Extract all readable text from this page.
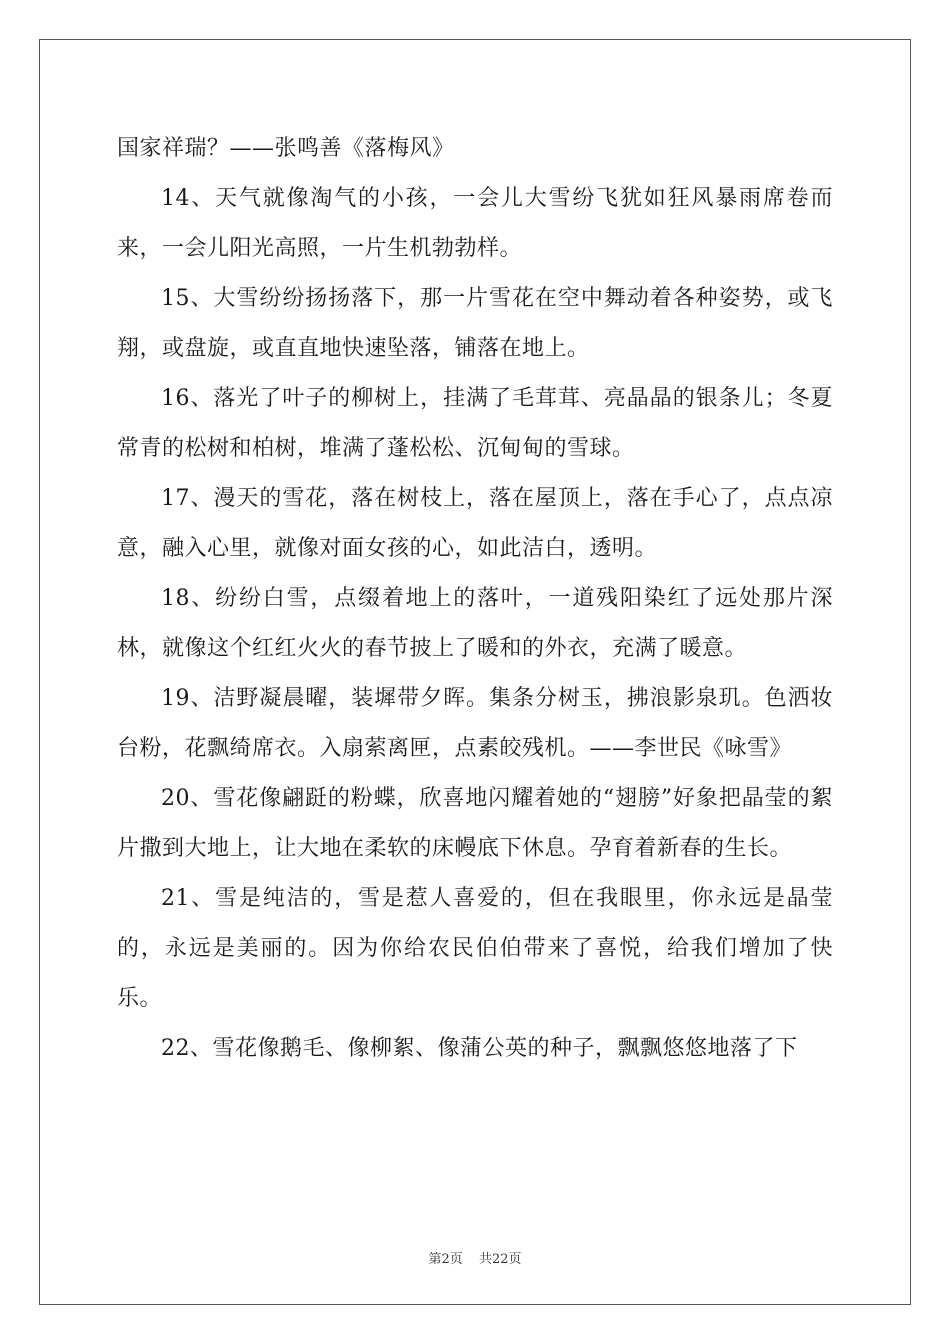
国家祥瑞？——张鸣善《落梅风》

14、天气就像淘气的小孩，一会儿大雪纷飞犹如狂风暴雨席卷而来，一会儿阳光高照，一片生机勃勃样。

15、大雪纷纷扬扬落下，那一片雪花在空中舞动着各种姿势，或飞翔，或盘旋，或直直地快速坠落，铺落在地上。

16、落光了叶子的柳树上，挂满了毛茸茸、亮晶晶的银条儿；冬夏常青的松树和柏树，堆满了蓬松松、沉甸甸的雪球。

17、漫天的雪花，落在树枝上，落在屋顶上，落在手心了，点点凉意，融入心里，就像对面女孩的心，如此洁白，透明。

18、纷纷白雪，点缀着地上的落叶，一道残阳染红了远处那片深林，就像这个红红火火的春节披上了暖和的外衣，充满了暖意。

19、洁野凝晨曜，装墀带夕晖。集条分树玉，拂浪影泉玑。色洒妆台粉，花飘绮席衣。入扇萦离匣，点素皎残机。——李世民《咏雪》

20、雪花像翩跹的粉蝶，欣喜地闪耀着她的“翅膀”好象把晶莹的絮片撒到大地上，让大地在柔软的床幔底下休息。孕育着新春的生长。

21、雪是纯洁的，雪是惹人喜爱的，但在我眼里，你永远是晶莹的，永远是美丽的。因为你给农民伯伯带来了喜悦，给我们增加了快乐。

22、雪花像鹅毛、像柳絮、像蒲公英的种子，飘飘悠悠地落了下

第2页 共22页
